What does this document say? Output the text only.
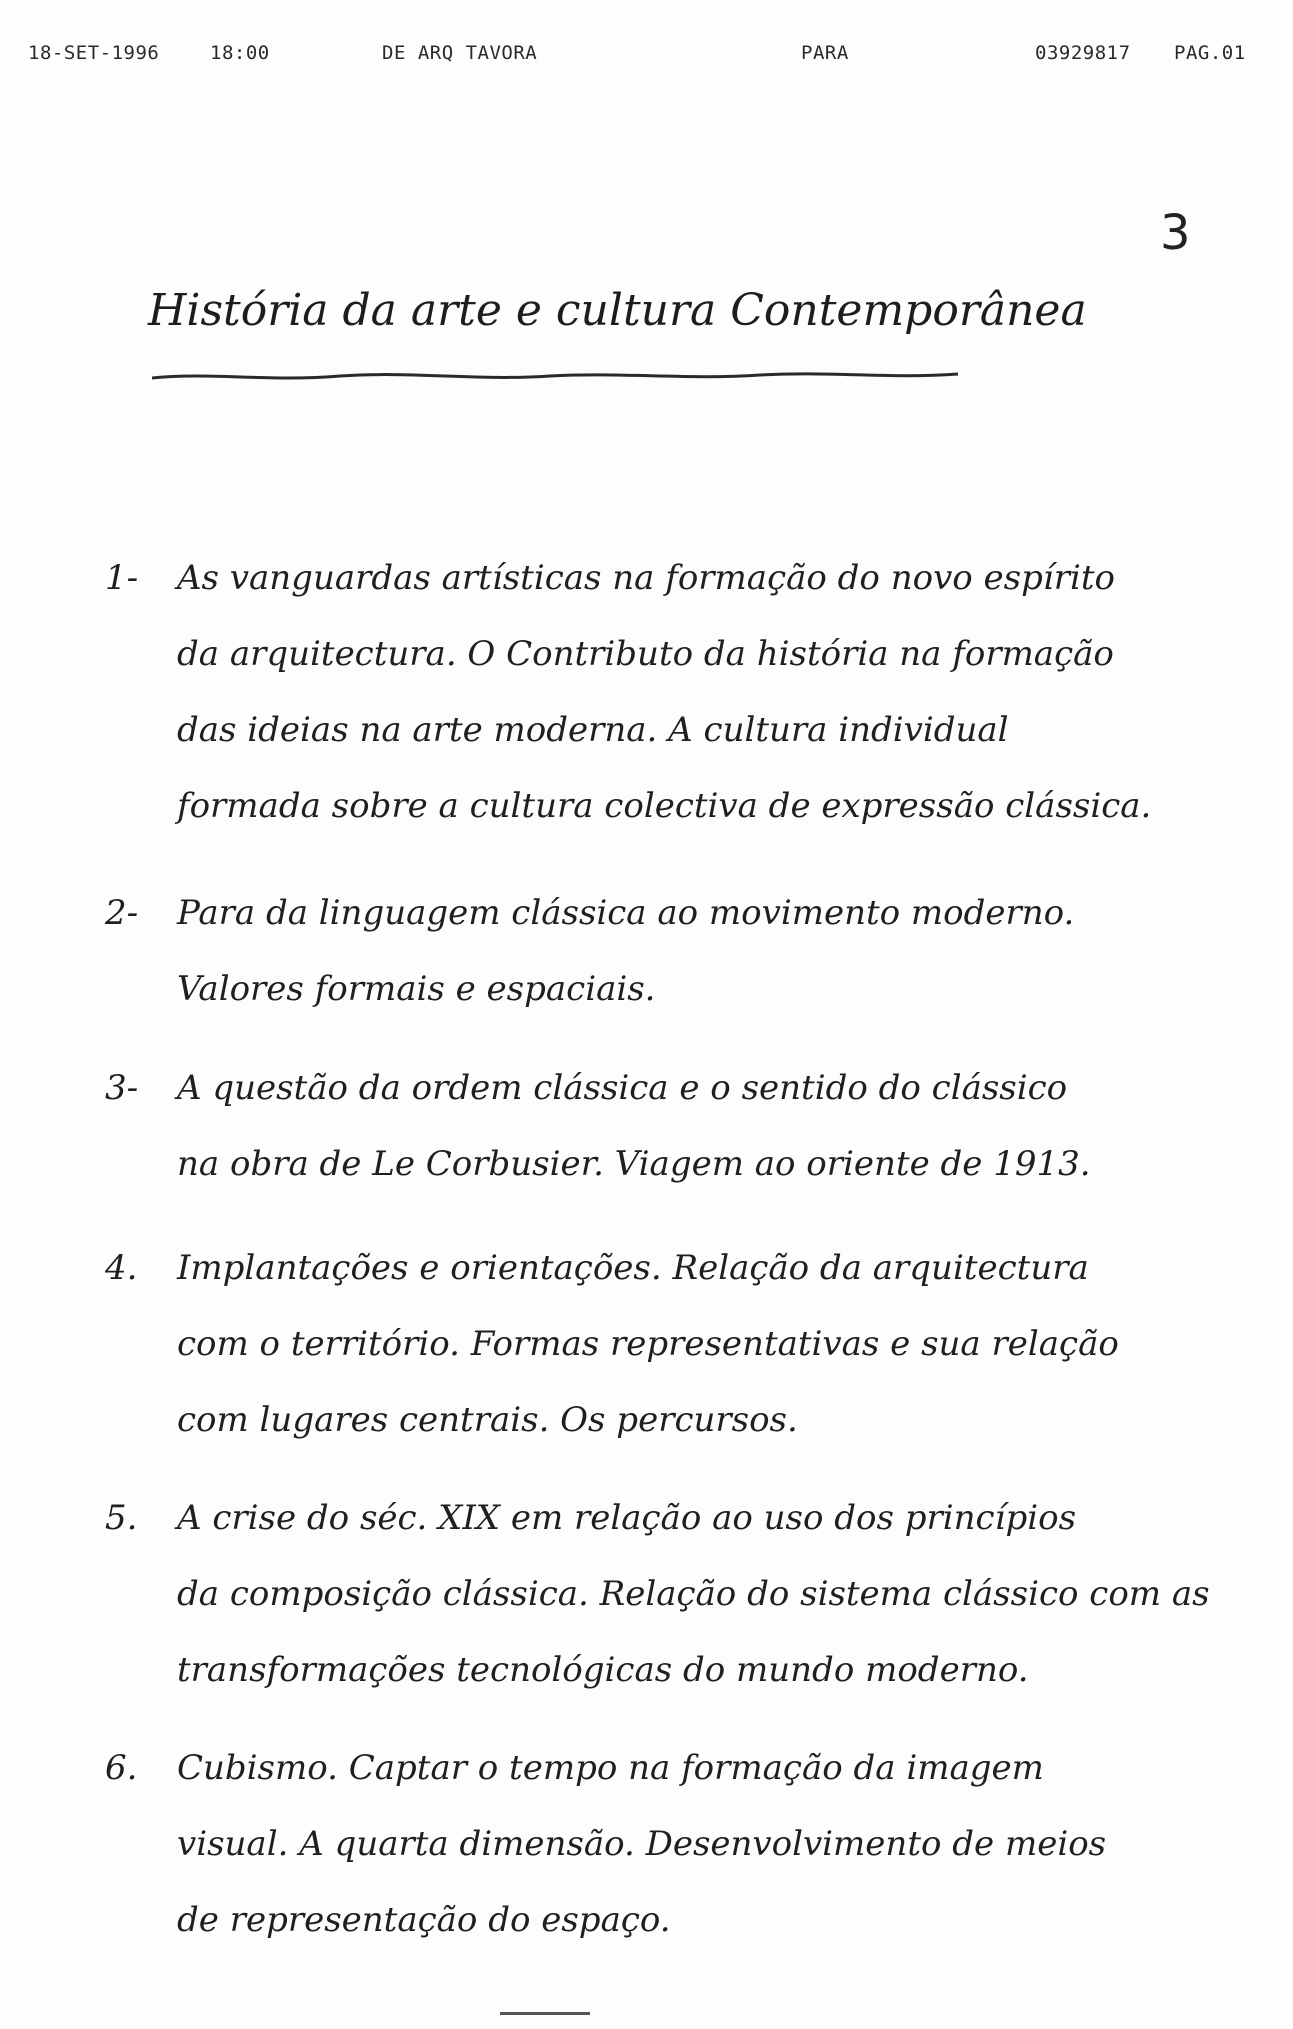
18-SET-1996	18:00	DE ARQ TAVORA	PARA	03929817 PAG.01
3
História da arte e cultura Contemporânea
1-	As vanguardas artísticas na formação do novo espírito
da arquitectura. O Contributo da história na formação
das ideias na arte moderna. A cultura individual
formada sobre a cultura colectiva de expressão clássica.
2-	Para da linguagem clássica ao movimento moderno.
Valores formais e espaciais.
3-	A questão da ordem clássica e o sentido do clássico
na obra de Le Corbusier. Viagem ao oriente de 1913.
4.	Implantações e orientações. Relação da arquitectura
com o território. Formas representativas e sua relação
com lugares centrais. Os percursos.
5.	A crise do séc. XIX em relação ao uso dos princípios
da composição clássica. Relação do sistema clássico com as
transformações tecnológicas do mundo moderno.
6.	Cubismo. Captar o tempo na formação da imagem
visual. A quarta dimensão. Desenvolvimento de meios
de representação do espaço.
